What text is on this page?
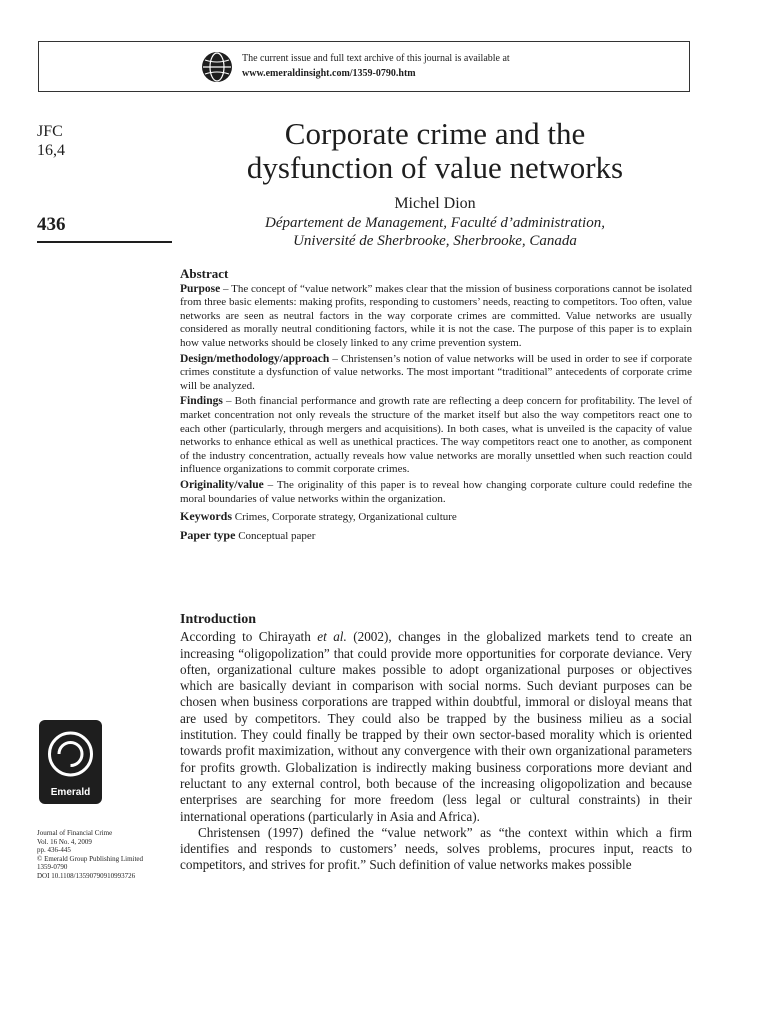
The current issue and full text archive of this journal is available at
www.emeraldinsight.com/1359-0790.htm
JFC
16,4
436
Corporate crime and the
dysfunction of value networks
Michel Dion
Département de Management, Faculté d’administration,
Université de Sherbrooke, Sherbrooke, Canada
Abstract

Purpose – The concept of “value network” makes clear that the mission of business corporations cannot be isolated from three basic elements: making profits, responding to customers’ needs, reacting to competitors. Too often, value networks are seen as neutral factors in the way corporate crimes are committed. Value networks are usually considered as morally neutral conditioning factors, while it is not the case. The purpose of this paper is to explain how value networks should be closely linked to any crime prevention system.

Design/methodology/approach – Christensen’s notion of value networks will be used in order to see if corporate crimes constitute a dysfunction of value networks. The most important “traditional” antecedents of corporate crime will be analyzed.

Findings – Both financial performance and growth rate are reflecting a deep concern for profitability. The level of market concentration not only reveals the structure of the market itself but also the way competitors react one to each other (particularly, through mergers and acquisitions). In both cases, what is unveiled is the capacity of value networks to enhance ethical as well as unethical practices. The way competitors react one to another, as component of the industry concentration, actually reveals how value networks are morally unsettled when such reaction could influence organizations to commit corporate crimes.

Originality/value – The originality of this paper is to reveal how changing corporate culture could redefine the moral boundaries of value networks within the organization.

Keywords Crimes, Corporate strategy, Organizational culture

Paper type Conceptual paper

Introduction

According to Chirayath et al. (2002), changes in the globalized markets tend to create an increasing “oligopolization” that could provide more opportunities for corporate deviance. Very often, organizational culture makes possible to adopt organizational purposes or objectives which are basically deviant in comparison with social norms. Such deviant purposes can be chosen when business corporations are trapped within doubtful, immoral or disloyal means that are used by competitors. They could also be trapped by the business milieu as a social institution. They could finally be trapped by their own sector-based morality which is oriented towards profit maximization, without any convergence with their own organizational parameters for profits growth. Globalization is indirectly making business corporations more deviant and reluctant to any external control, both because of the increasing oligopolization and because enterprises are searching for more freedom (less legal or cultural constraints) in their international operations (particularly in Asia and Africa).

Christensen (1997) defined the “value network” as “the context within which a firm identifies and responds to customers’ needs, solves problems, procures input, reacts to competitors, and strives for profit.” Such definition of value networks makes possible

Emerald
Journal of Financial Crime
Vol. 16 No. 4, 2009
pp. 436-445
© Emerald Group Publishing Limited
1359-0790
DOI 10.1108/13590790910993726
